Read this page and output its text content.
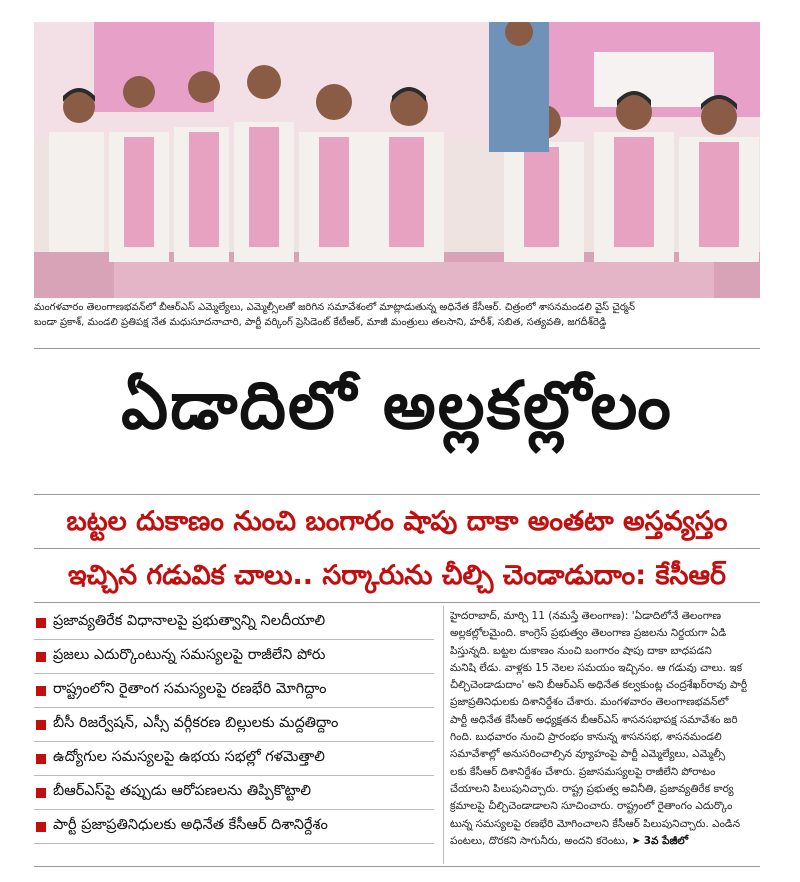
మంగళవారం తెలంగాణభవన్‌లో బీఆర్‌ఎస్ ఎమ్మెల్యేలు, ఎమ్మెల్సీలతో జరిగిన సమావేశంలో మాట్లాడుతున్న అధినేత కేసీఆర్. చిత్రంలో శాసనమండలి వైస్ చైర్మన్

బండా ప్రకాశ్, మండలి ప్రతిపక్ష నేత మధుసూదనాచారి, పార్టీ వర్కింగ్ ప్రెసిడెంట్ కేటీఆర్, మాజీ మంత్రులు తలసాని, హరీశ్, సబిత, సత్యవతి, జగదీశ్‌రెడ్డి

ఏడాదిలో అల్లకల్లోలం
బట్టల దుకాణం నుంచి బంగారం షాపు దాకా అంతటా అస్తవ్యస్తం
ఇచ్చిన గడువిక చాలు.. సర్కారును చీల్చి చెండాడుదాం: కేసీఆర్
ప్రజావ్యతిరేక విధానాలపై ప్రభుత్వాన్ని నిలదీయాలి
ప్రజలు ఎదుర్కొంటున్న సమస్యలపై రాజీలేని పోరు
రాష్ట్రంలోని రైతాంగ సమస్యలపై రణభేరి మోగిద్దాం
బీసీ రిజర్వేషన్, ఎస్సీ వర్గీకరణ బిల్లులకు మద్దతిద్దాం
ఉద్యోగుల సమస్యలపై ఉభయ సభల్లో గళమెత్తాలి
బీఆర్‌ఎస్‌పై తప్పుడు ఆరోపణలను తిప్పికొట్టాలి
పార్టీ ప్రజాప్రతినిధులకు అధినేత కేసీఆర్ దిశానిర్దేశం

హైదరాబాద్, మార్చి 11 (నమస్తే తెలంగాణ): 'ఏడాదిలోనే తెలంగాణ

అల్లకల్లోలమైంది. కాంగ్రెస్ ప్రభుత్వం తెలంగాణ ప్రజలను నిర్దయగా ఏడి

పిస్తున్నది. బట్టల దుకాణం నుంచి బంగారం షాపు దాకా బాధపడని

మనిషి లేడు. వాళ్లకు 15 నెలల సమయం ఇచ్చినం. ఆ గడువు చాలు. ఇక

చీల్చిచెండాడుదాం' అని బీఆర్‌ఎస్ అధినేత కల్వకుంట్ల చంద్రశేఖర్‌రావు పార్టీ

ప్రజాప్రతినిధులకు దిశానిర్దేశం చేశారు. మంగళవారం తెలంగాణభవన్‌లో

పార్టీ అధినేత కేసీఆర్ అధ్యక్షతన బీఆర్‌ఎస్ శాసనసభాపక్ష సమావేశం జరి

గింది. బుధవారం నుంచి ప్రారంభం కానున్న శాసనసభ, శాసనమండలి

సమావేశాల్లో అనుసరించాల్సిన వ్యూహంపై పార్టీ ఎమ్మెల్యేలు, ఎమ్మెల్సీ

లకు కేసీఆర్ దిశానిర్దేశం చేశారు. ప్రజాసమస్యలపై రాజీలేని పోరాటం

చేయాలని పిలుపునిచ్చారు. రాష్ట్ర ప్రభుత్వ అవినీతి, ప్రజావ్యతిరేక కార్య

క్రమాలపై చీల్చిచెండాడాలని సూచించారు. రాష్ట్రంలో రైతాంగం ఎదుర్కొం

టున్న సమస్యలపై రణభేరి మోగించాలని కేసీఆర్ పిలుపునిచ్చారు. ఎండిన

పంటలు, దొరకని సాగునీరు, అందని కరెంటు, ➤ 3వ పేజీలో
